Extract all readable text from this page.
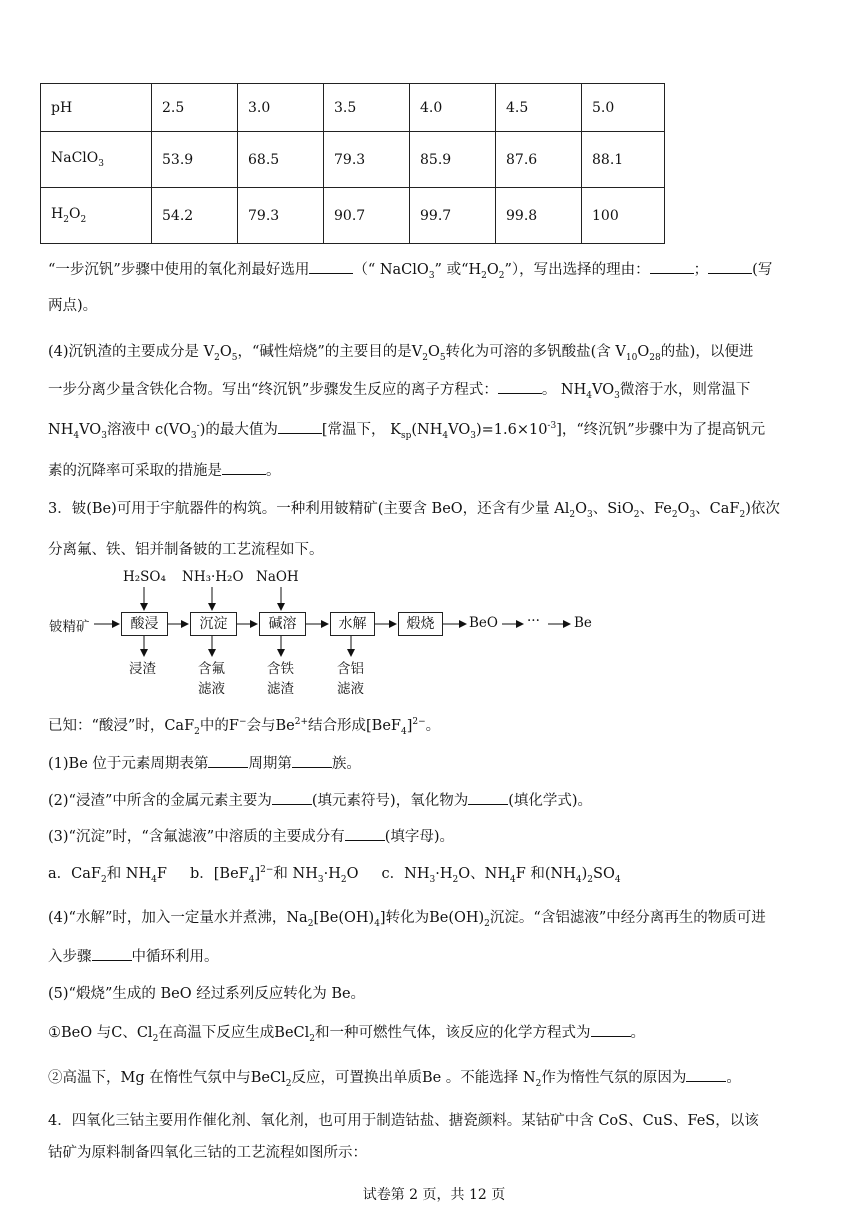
pH	2.5	3.0	3.5	4.0	4.5	5.0
NaClO$_3$	53.9	68.5	79.3	85.9	87.6	88.1
$H_2O_2$	54.2	79.3	90.7	99.7	99.8	100
“一步沉钒”步骤中使用的氧化剂最好选用	（“ NaClO$_3$” 或“$H_2O_2$”），写出选择的理由：	；	(写
两点)。
(4)沉钒渣的主要成分是 $V_2O_5$，“碱性焙烧”的主要目的是$V_2O_5$转化为可溶的多钒酸盐(含 $V_{10}O_{28}$的盐)，以便进
一步分离少量含铁化合物。写出“终沉钒”步骤发生反应的离子方程式：	。 $NH_4VO_3$微溶于水，则常温下
$NH_4VO_3$溶液中 $c(VO_3^-)$的最大值为	[常温下， $K_{sp}(NH_4VO_3)=1.6\times 10^{-3}$]，“终沉钒”步骤中为了提高钒元
素的沉降率可采取的措施是	。
3．铍(Be)可用于宇航器件的构筑。一种利用铍精矿(主要含 BeO，还含有少量 $Al_2O_3$、SiO$_2$、$Fe_2O_3$、CaF$_2$)依次
分离氟、铁、铝并制备铍的工艺流程如下。
铍精矿
H₂SO₄ NH₃·H₂O NaOH
酸浸	沉淀	碱溶	水解	煅烧	BeO ···	Be
浸渣	含氟
滤液
含铁
滤渣
含铝
滤液
已知：“酸浸”时，CaF$_2$中的F−会与$Be^{2+}$结合形成$[BeF_4]^{2-}$。
(1)Be 位于元素周期表第	周期第	族。
(2)“浸渣”中所含的金属元素主要为	(填元素符号)，氧化物为	(填化学式)。
(3)“沉淀”时，“含氟滤液”中溶质的主要成分有	(填字母)。
a．CaF$_2$和 $NH_4F$ b．$[BeF_4]^{2-}$和 $NH_3\cdot H_2O$ c．$NH_3\cdot H_2O$、$NH_4F$ 和$(NH_4)_2SO_4$
(4)“水解”时，加入一定量水并煮沸，$Na_2[Be(OH)_4]$转化为$Be(OH)_2$沉淀。“含铝滤液”中经分离再生的物质可进
入步骤	中循环利用。
(5)“煅烧”生成的 BeO 经过系列反应转化为 Be。
①BeO 与C、$Cl_2$在高温下反应生成BeCl$_2$和一种可燃性气体，该反应的化学方程式为	。
②高温下，Mg 在惰性气氛中与BeCl$_2$反应，可置换出单质Be 。不能选择 $N_2$作为惰性气氛的原因为	。
4．四氧化三钴主要用作催化剂、氧化剂，也可用于制造钴盐、搪瓷颜料。某钴矿中含 CoS、CuS、FeS，以该
钴矿为原料制备四氧化三钴的工艺流程如图所示：
试卷第 2 页，共 12 页
